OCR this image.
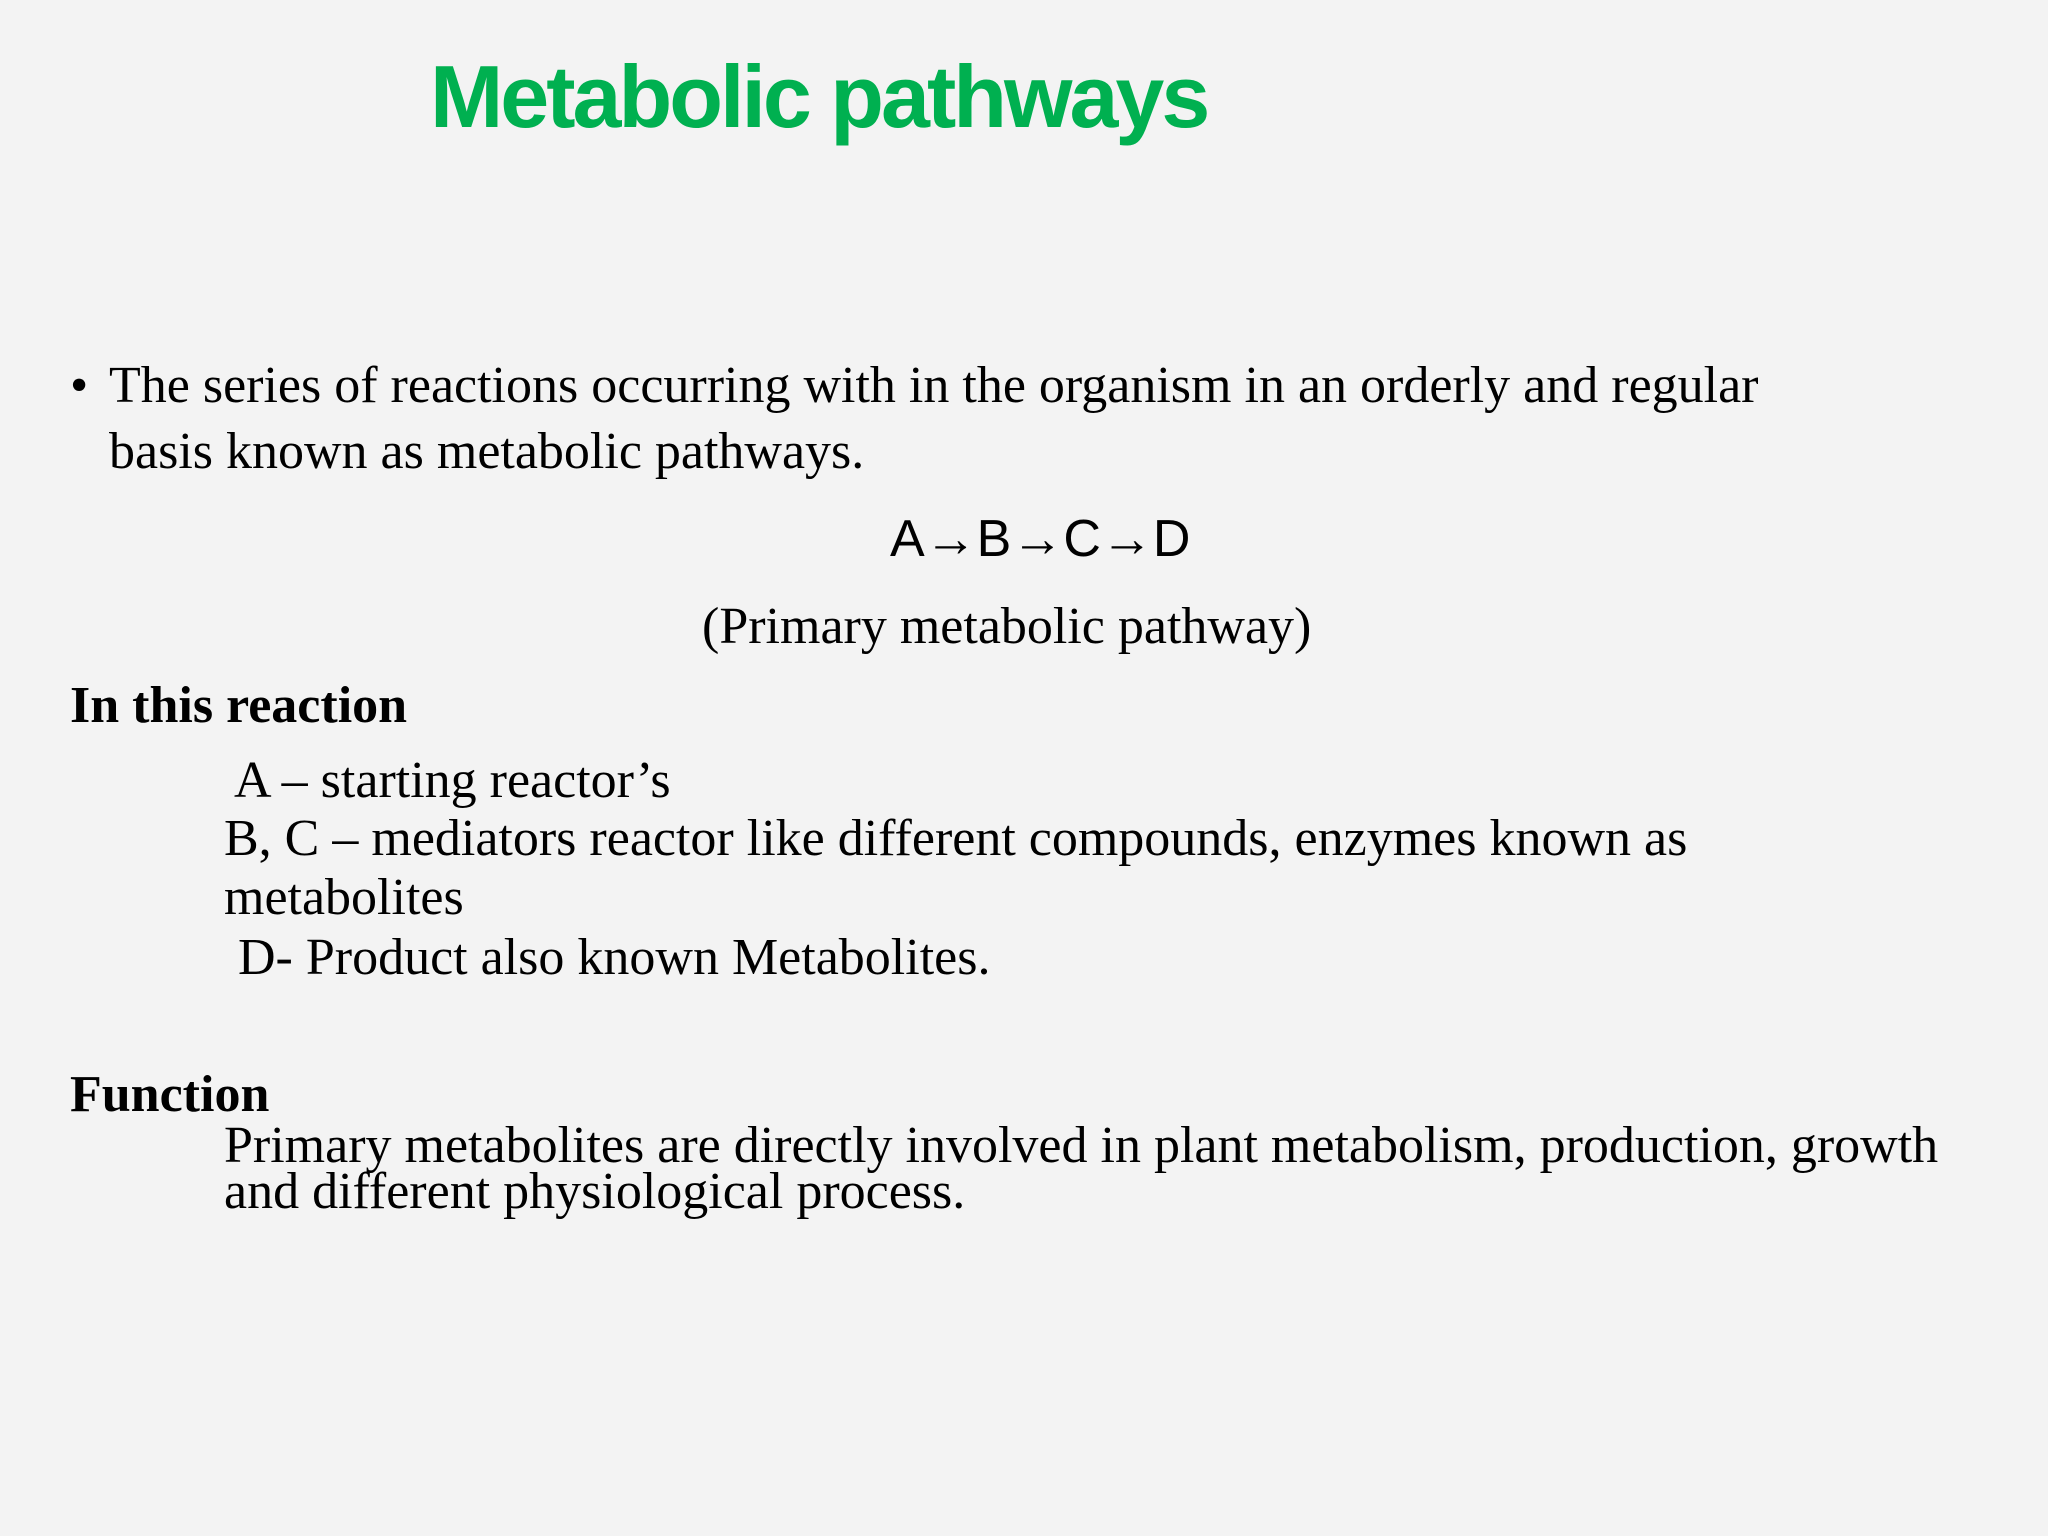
Metabolic pathways
• The series of reactions occurring with in the organism in an orderly and regular basis known as metabolic pathways.
A→B→C→D
(Primary metabolic pathway)
In this reaction
A – starting reactor’s
B, C – mediators reactor like different compounds, enzymes known as
metabolites
D- Product also known Metabolites.
Function
Primary metabolites are directly involved in plant metabolism, production, growth and different physiological process.
